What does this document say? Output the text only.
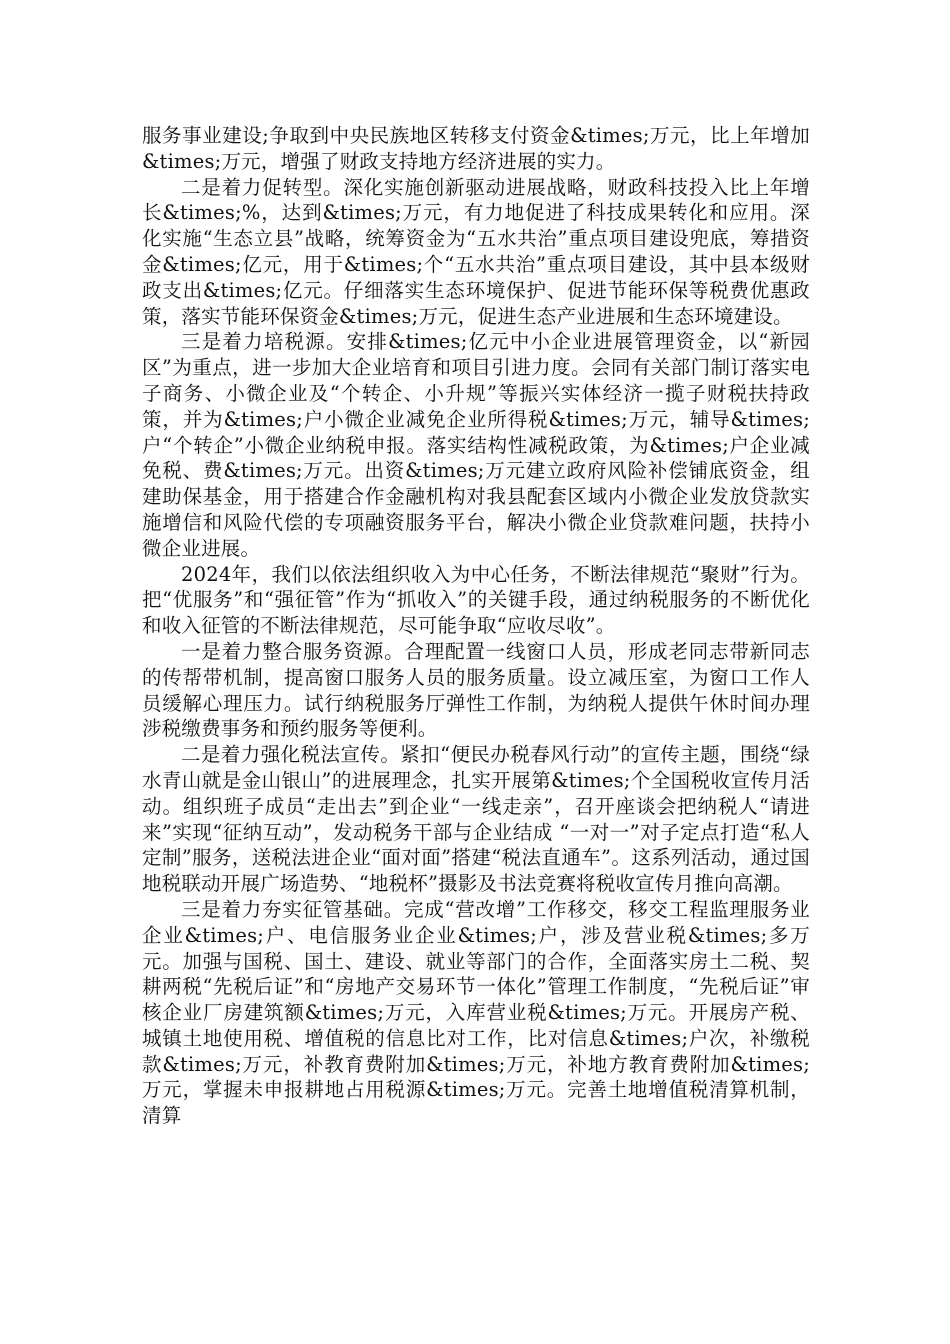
服务事业建设;争取到中央民族地区转移支付资金&times;万元，比上年增加&times;万元，增强了财政支持地方经济进展的实力。

二是着力促转型。深化实施创新驱动进展战略，财政科技投入比上年增长&times;%，达到&times;万元，有力地促进了科技成果转化和应用。深化实施“生态立县”战略，统筹资金为“五水共治”重点项目建设兜底，筹措资金&times;亿元，用于&times;个“五水共治”重点项目建设，其中县本级财政支出&times;亿元。仔细落实生态环境保护、促进节能环保等税费优惠政策，落实节能环保资金&times;万元，促进生态产业进展和生态环境建设。

三是着力培税源。安排&times;亿元中小企业进展管理资金，以“新园区”为重点，进一步加大企业培育和项目引进力度。会同有关部门制订落实电子商务、小微企业及“个转企、小升规”等振兴实体经济一揽子财税扶持政策，并为&times;户小微企业减免企业所得税&times;万元，辅导&times;户“个转企”小微企业纳税申报。落实结构性减税政策，为&times;户企业减免税、费&times;万元。出资&times;万元建立政府风险补偿铺底资金，组建助保基金，用于搭建合作金融机构对我县配套区域内小微企业发放贷款实施增信和风险代偿的专项融资服务平台，解决小微企业贷款难问题，扶持小微企业进展。

2024年，我们以依法组织收入为中心任务，不断法律规范“聚财”行为。把“优服务”和“强征管”作为“抓收入”的关键手段，通过纳税服务的不断优化和收入征管的不断法律规范，尽可能争取“应收尽收”。

一是着力整合服务资源。合理配置一线窗口人员，形成老同志带新同志的传帮带机制，提高窗口服务人员的服务质量。设立减压室，为窗口工作人员缓解心理压力。试行纳税服务厅弹性工作制，为纳税人提供午休时间办理涉税缴费事务和预约服务等便利。

二是着力强化税法宣传。紧扣“便民办税春风行动”的宣传主题，围绕“绿水青山就是金山银山”的进展理念，扎实开展第&times;个全国税收宣传月活动。组织班子成员“走出去”到企业“一线走亲”，召开座谈会把纳税人“请进来”实现“征纳互动”，发动税务干部与企业结成 “一对一”对子定点打造“私人定制”服务，送税法进企业“面对面”搭建“税法直通车”。这系列活动，通过国地税联动开展广场造势、“地税杯”摄影及书法竞赛将税收宣传月推向高潮。

三是着力夯实征管基础。完成“营改增”工作移交，移交工程监理服务业企业&times;户、电信服务业企业&times;户，涉及营业税&times;多万元。加强与国税、国土、建设、就业等部门的合作，全面落实房土二税、契耕两税“先税后证”和“房地产交易环节一体化”管理工作制度，“先税后证”审核企业厂房建筑额&times;万元，入库营业税&times;万元。开展房产税、城镇土地使用税、增值税的信息比对工作，比对信息&times;户次，补缴税款&times;万元，补教育费附加&times;万元，补地方教育费附加&times;万元，掌握未申报耕地占用税源&times;万元。完善土地增值税清算机制，清算
